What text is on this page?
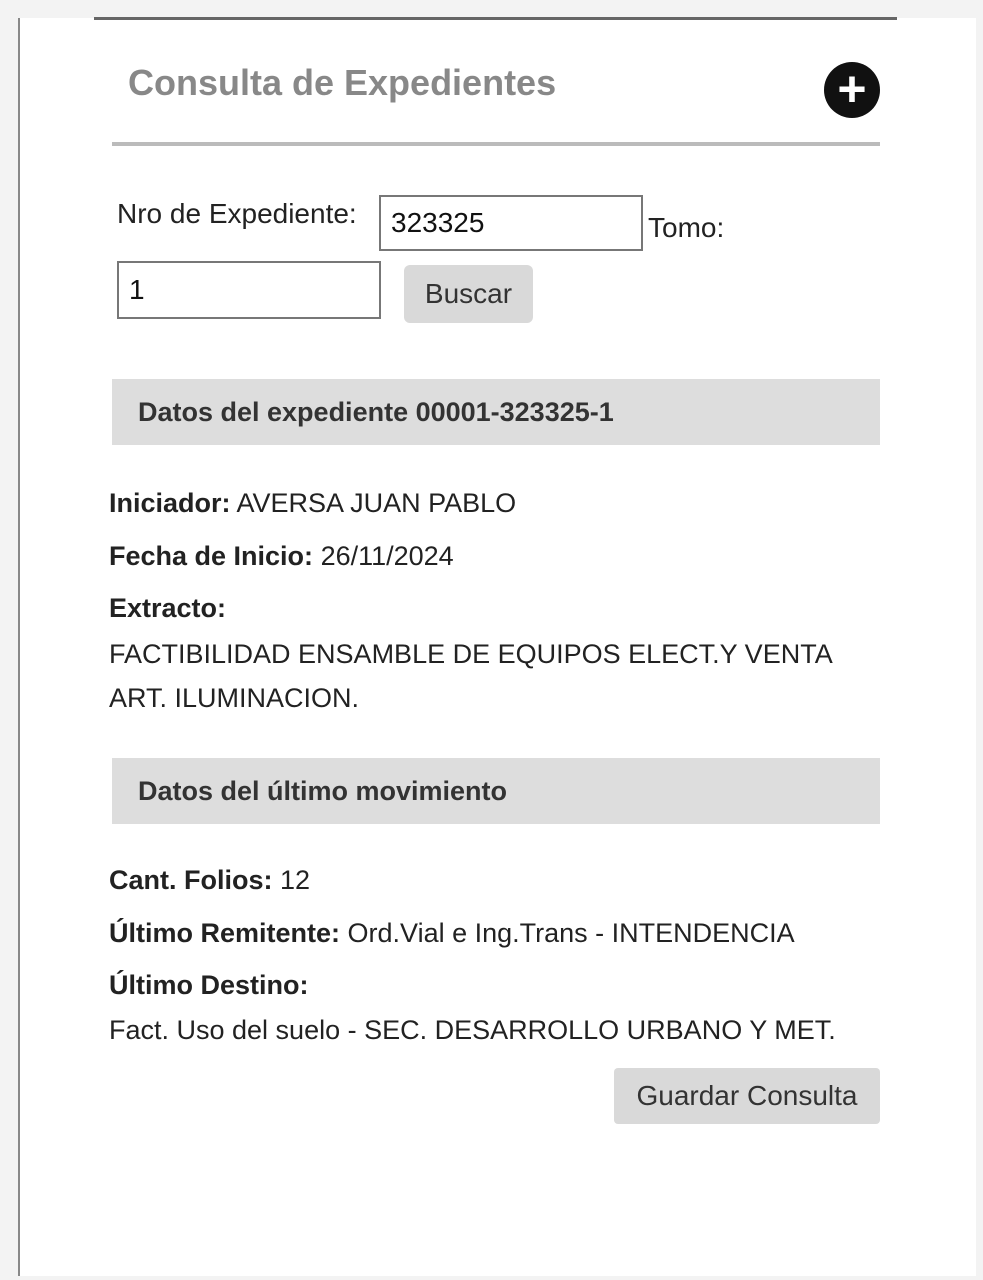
Consulta de Expedientes	+
Nro de Expediente:
323325	Tomo:
1
Buscar
Datos del expediente 00001-323325-1
Iniciador: AVERSA JUAN PABLO
Fecha de Inicio: 26/11/2024
Extracto:
FACTIBILIDAD ENSAMBLE DE EQUIPOS ELECT.Y VENTA
ART. ILUMINACION.
Datos del último movimiento
Cant. Folios: 12
Último Remitente: Ord.Vial e Ing.Trans - INTENDENCIA
Último Destino:
Fact. Uso del suelo - SEC. DESARROLLO URBANO Y MET.
Guardar Consulta
